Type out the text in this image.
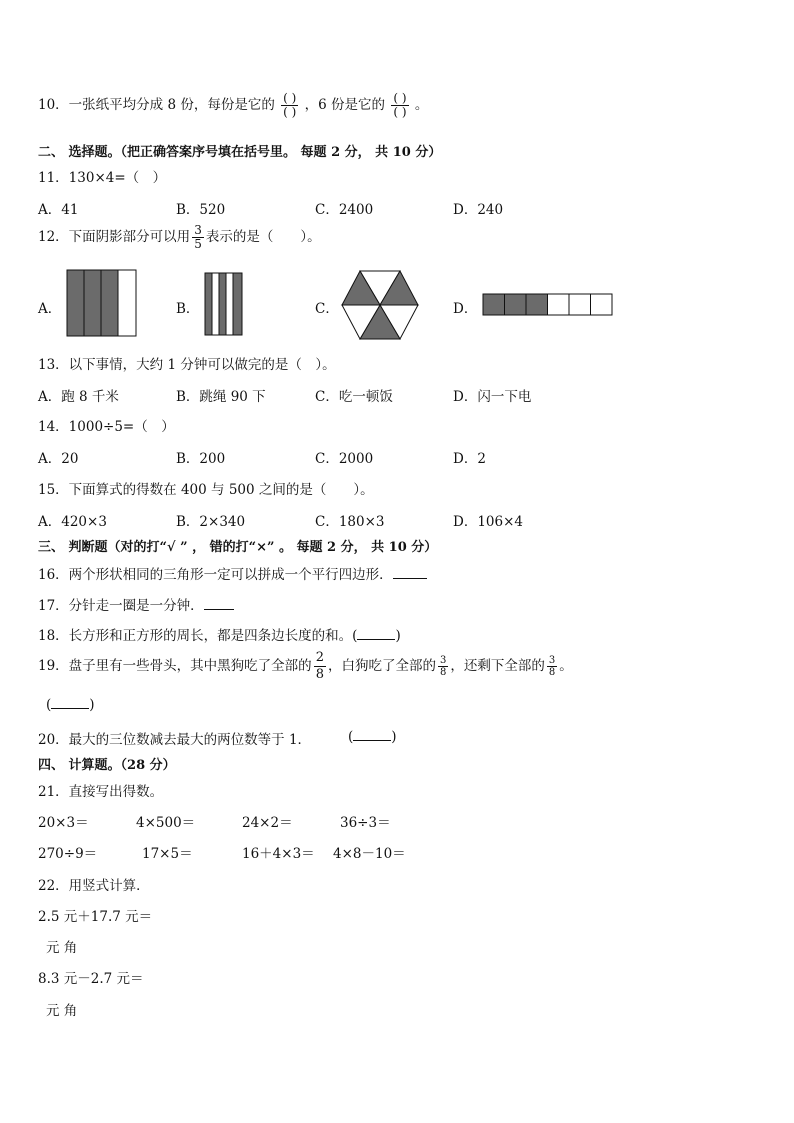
10．一张纸平均分成 8 份，每份是它的 $\frac{( )}{( )}$ ，6 份是它的 $\frac{( )}{( )}$ 。
二、 选择题。（把正确答案序号填在括号里。 每题 2 分， 共 10 分）
11．130×4=（　）
A．41	B．520	C．2400	D．240
12．下面阴影部分可以用 $\frac{3}{5}$ 表示的是（　　）。
A．	B．	C．	D．
13．以下事情，大约 1 分钟可以做完的是（　）。
A．跑 8 千米	B．跳绳 90 下	C．吃一顿饭	D．闪一下电
14．1000÷5=（　）
A．20	B．200	C．2000	D．2
15．下面算式的得数在 400 与 500 之间的是（　　）。
A．420×3	B．2×340	C．180×3	D．106×4
三、 判断题（对的打“√ ” ， 错的打“×” 。 每题 2 分， 共 10 分）
16．两个形状相同的三角形一定可以拼成一个平行四边形．
17．分针走一圈是一分钟．
18．长方形和正方形的周长，都是四条边长度的和。(	)
19．盘子里有一些骨头，其中黑狗吃了全部的 $\frac{2}{8}$ ，白狗吃了全部的 $\frac{3}{8}$ ，还剩下全部的 $\frac{3}{8}$ 。
(	)
20．最大的三位数减去最大的两位数等于 1．	(	)
四、 计算题。（28 分）
21．直接写出得数。
20×3＝	4×500＝	24×2＝	36÷3＝
270÷9＝	17×5＝	16＋4×3＝ 4×8－10＝
22．用竖式计算．
2.5 元＋17.7 元＝
元 角
8.3 元－2.7 元＝
元 角
